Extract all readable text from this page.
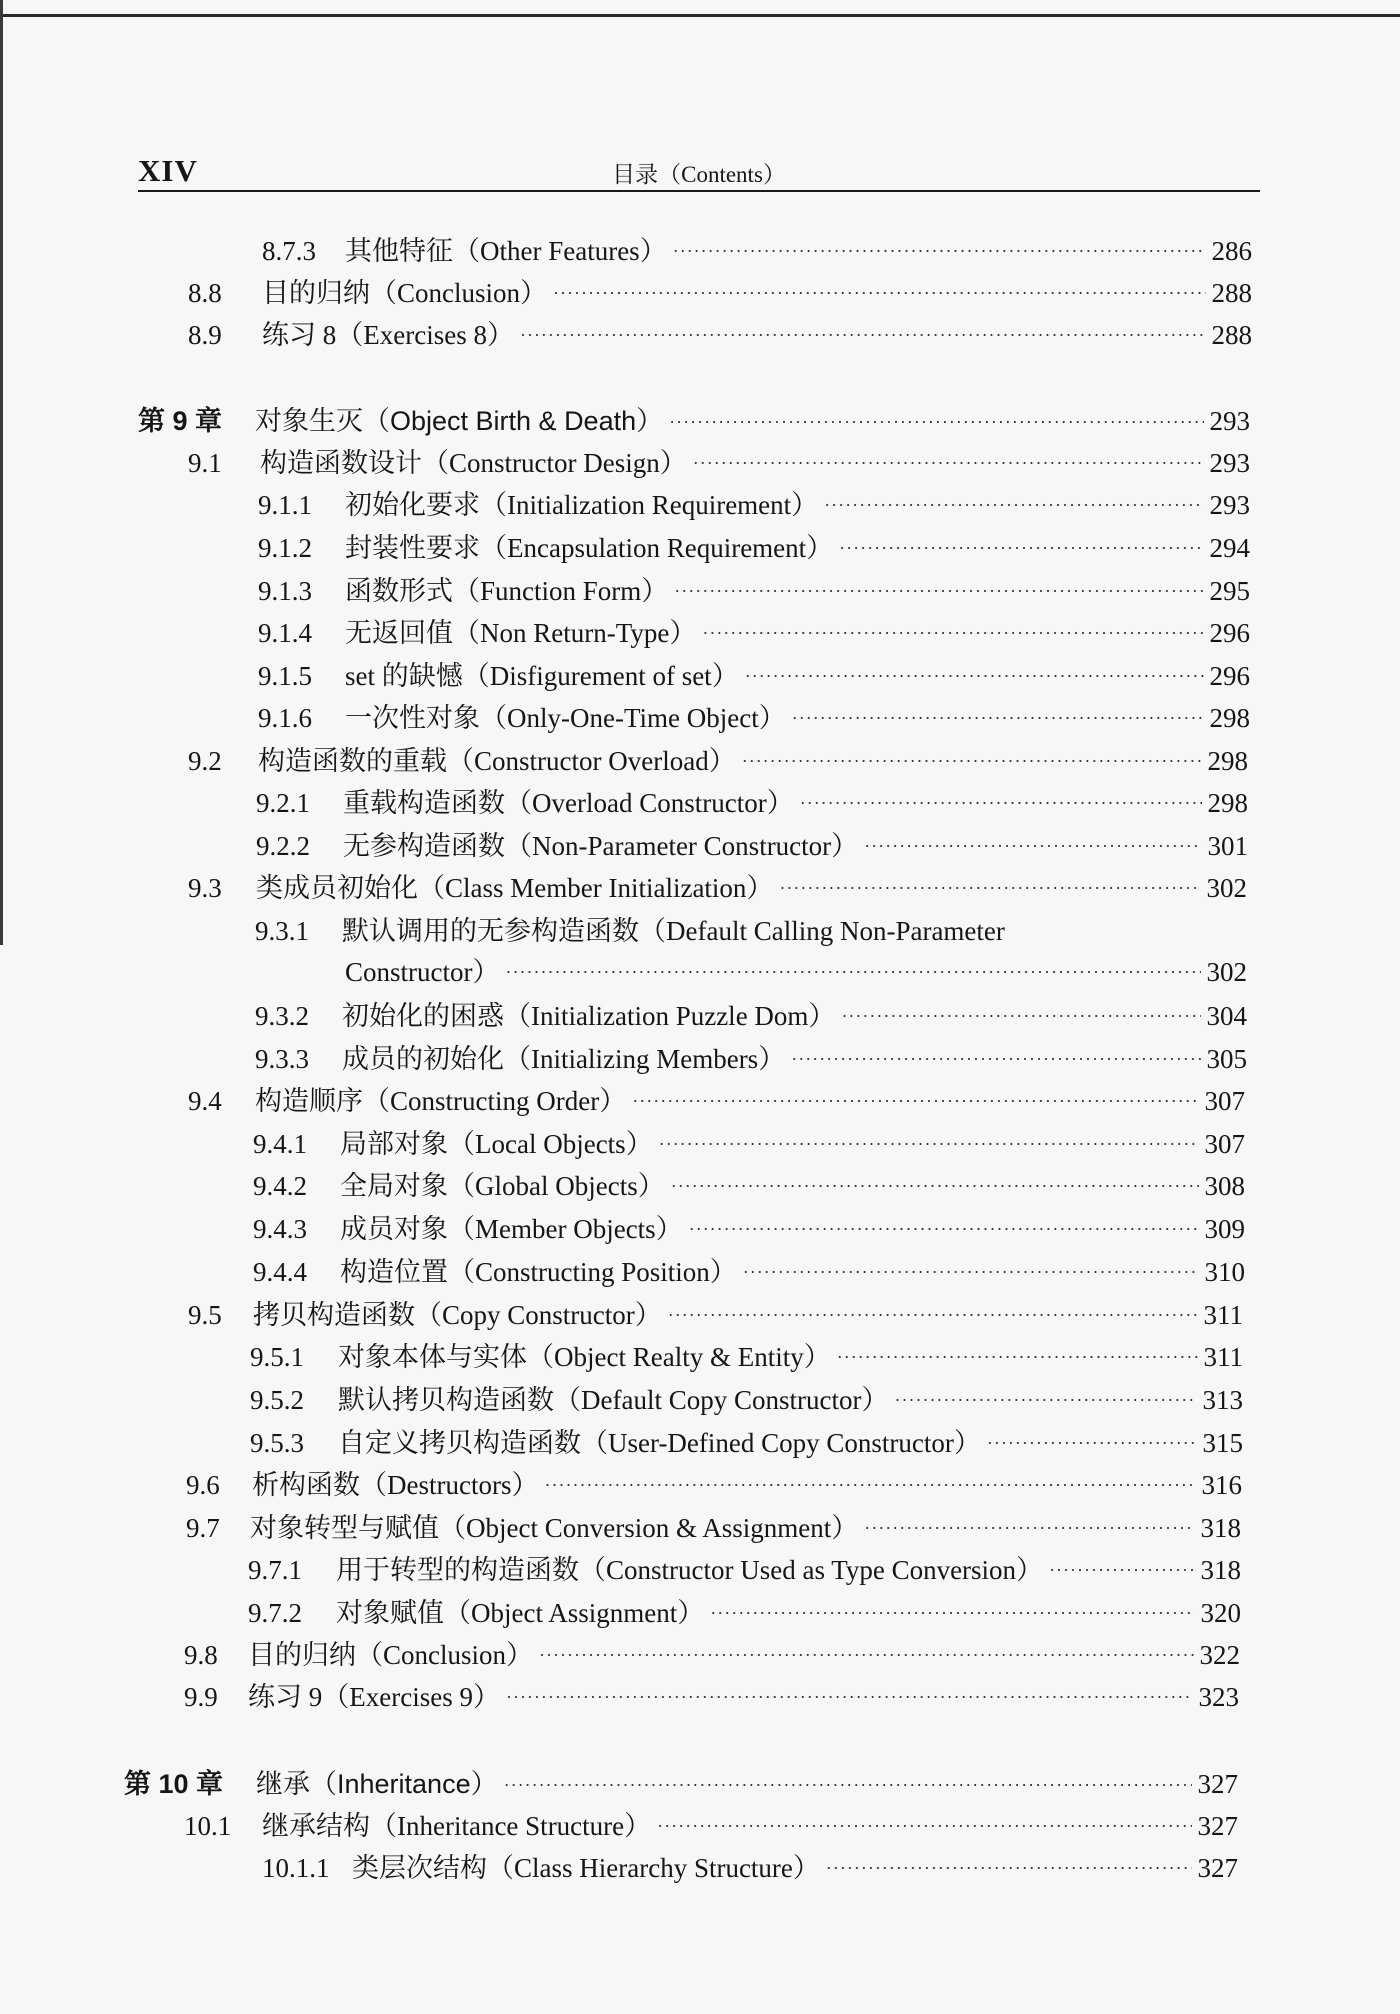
XIV	目录（Contents）
8.7.3 其他特征（Other Features） ·····	286
8.8 目的归纳（Conclusion） ·····	288
8.9 练习 8（Exercises 8） ·····	288
第 9 章 对象生灭（Object Birth & Death） ·····	293
9.1 构造函数设计（Constructor Design） ·····	293
9.1.1 初始化要求（Initialization Requirement） ·····	293
9.1.2 封装性要求（Encapsulation Requirement） ·····	294
9.1.3 函数形式（Function Form） ·····	295
9.1.4 无返回值（Non Return-Type） ·····	296
9.1.5 set 的缺憾（Disfigurement of set） ·····	296
9.1.6 一次性对象（Only-One-Time Object） ·····	298
9.2 构造函数的重载（Constructor Overload） ·····	298
9.2.1 重载构造函数（Overload Constructor） ·····	298
9.2.2 无参构造函数（Non-Parameter Constructor） ·····	301
9.3 类成员初始化（Class Member Initialization） ·····	302
9.3.1 默认调用的无参构造函数（Default Calling Non-Parameter
Constructor） ·····	302
9.3.2 初始化的困惑（Initialization Puzzle Dom） ·····	304
9.3.3 成员的初始化（Initializing Members） ·····	305
9.4 构造顺序（Constructing Order） ·····	307
9.4.1 局部对象（Local Objects） ·····	307
9.4.2 全局对象（Global Objects） ·····	308
9.4.3 成员对象（Member Objects） ·····	309
9.4.4 构造位置（Constructing Position） ·····	310
9.5 拷贝构造函数（Copy Constructor） ·····	311
9.5.1 对象本体与实体（Object Realty & Entity） ·····	311
9.5.2 默认拷贝构造函数（Default Copy Constructor） ·····	313
9.5.3 自定义拷贝构造函数（User-Defined Copy Constructor） ·····	315
9.6 析构函数（Destructors） ·····	316
9.7 对象转型与赋值（Object Conversion & Assignment） ·····	318
9.7.1 用于转型的构造函数（Constructor Used as Type Conversion） ·····	318
9.7.2 对象赋值（Object Assignment） ·····	320
9.8 目的归纳（Conclusion） ·····	322
9.9 练习 9（Exercises 9） ·····	323
第 10 章 继承（Inheritance） ·····	327
10.1 继承结构（Inheritance Structure） ·····	327
10.1.1 类层次结构（Class Hierarchy Structure） ·····	327
